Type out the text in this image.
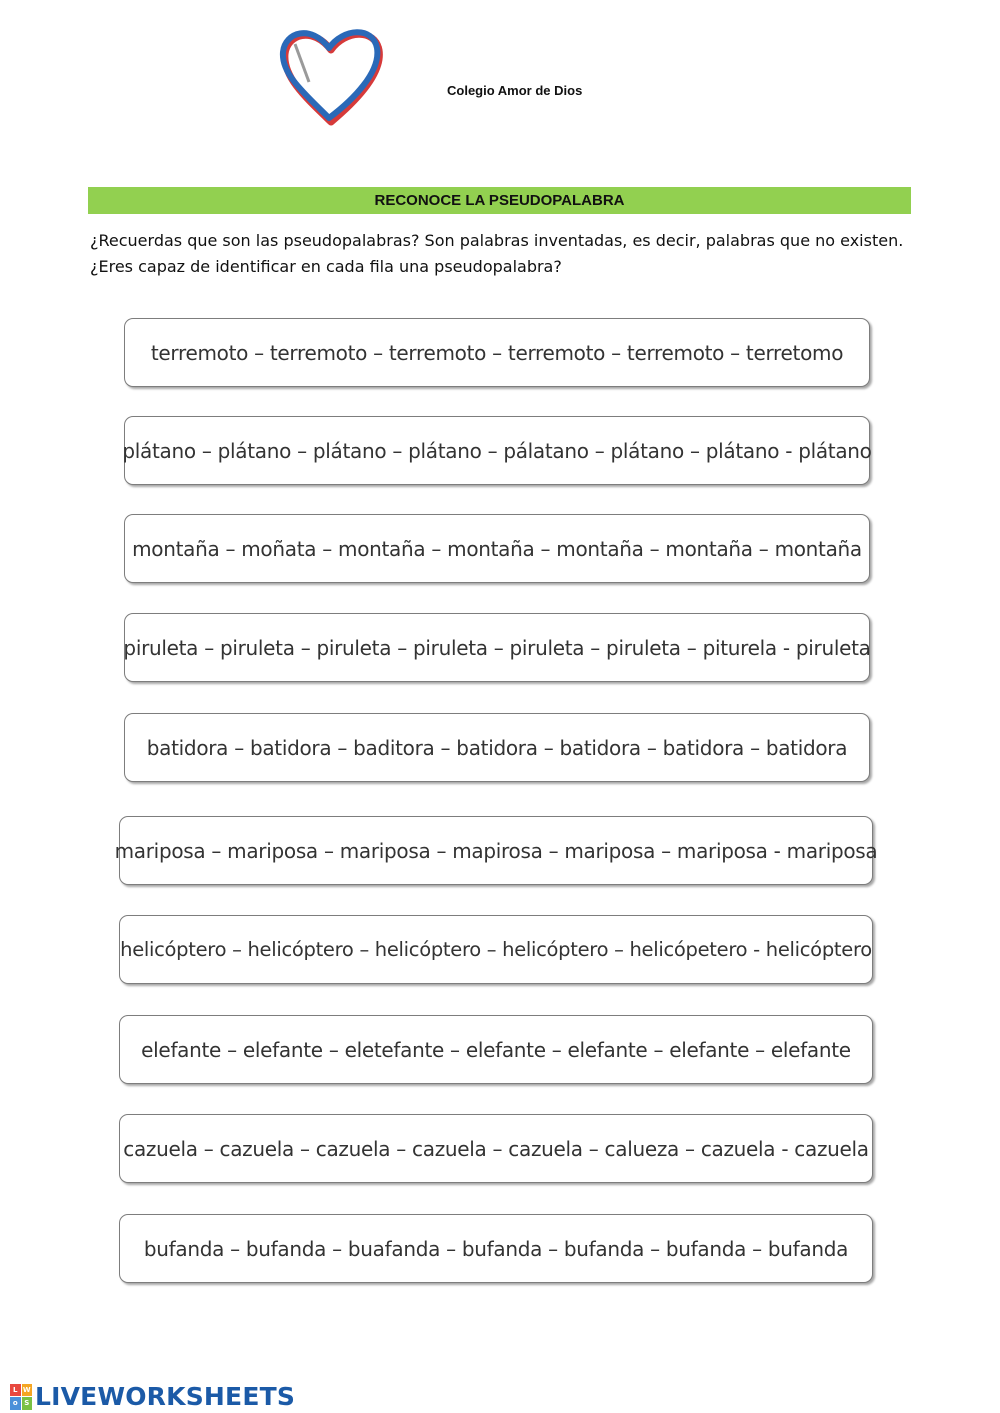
Colegio Amor de Dios
RECONOCE LA PSEUDOPALABRA

¿Recuerdas que son las pseudopalabras? Son palabras inventadas, es decir, palabras que no existen.

¿Eres capaz de identificar en cada fila una pseudopalabra?

terremoto – terremoto – terremoto – terremoto – terremoto – terretomo
plátano – plátano – plátano – plátano – pálatano – plátano – plátano - plátano
montaña – moñata – montaña – montaña – montaña – montaña – montaña
piruleta – piruleta – piruleta – piruleta – piruleta – piruleta – piturela - piruleta
batidora – batidora – baditora – batidora – batidora – batidora – batidora
mariposa – mariposa – mariposa – mapirosa – mariposa – mariposa - mariposa
helicóptero – helicóptero – helicóptero – helicóptero – helicópetero - helicóptero
elefante – elefante – eletefante – elefante – elefante – elefante – elefante
cazuela – cazuela – cazuela – cazuela – cazuela – calueza – cazuela - cazuela
bufanda – bufanda – buafanda – bufanda – bufanda – bufanda – bufanda
L W
o S LIVEWORKSHEETS
